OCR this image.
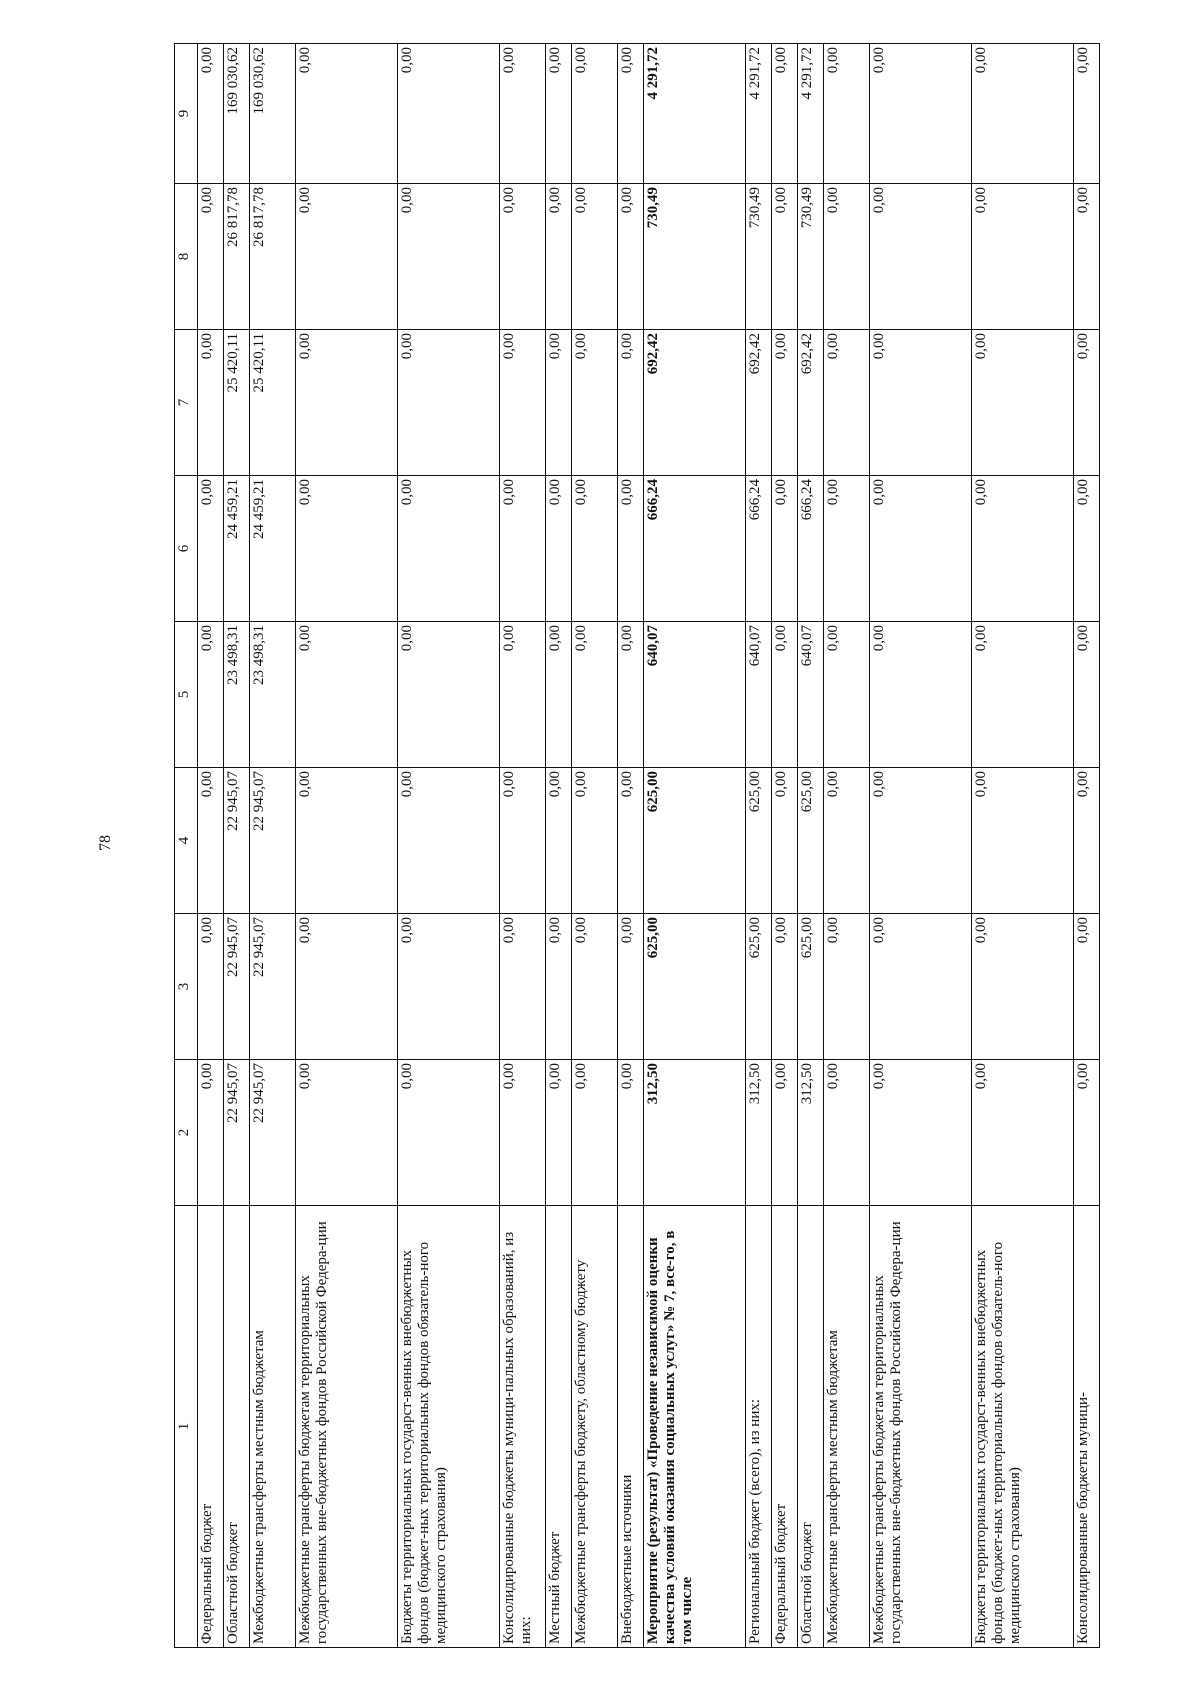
78
1	2	3	4	5	6	7	8	9
Федеральный бюджет	0,00	0,00	0,00	0,00	0,00	0,00	0,00	0,00
Областной бюджет	22 945,07	22 945,07	22 945,07	23 498,31	24 459,21	25 420,11	26 817,78	169 030,62
Межбюджетные трансферты местным бюджетам	22 945,07	22 945,07	22 945,07	23 498,31	24 459,21	25 420,11	26 817,78	169 030,62
Межбюджетные трансферты бюджетам территориальных государственных вне-бюджетных фондов Российской Федера-ции	0,00	0,00	0,00	0,00	0,00	0,00	0,00	0,00
Бюджеты территориальных государст-венных внебюджетных фондов (бюджет-ных территориальных фондов обязатель-ного медицинского страхования)	0,00	0,00	0,00	0,00	0,00	0,00	0,00	0,00
Консолидированные бюджеты муници-пальных образований, из них:	0,00	0,00	0,00	0,00	0,00	0,00	0,00	0,00
Местный бюджет	0,00	0,00	0,00	0,00	0,00	0,00	0,00	0,00
Межбюджетные трансферты бюджету, областному бюджету	0,00	0,00	0,00	0,00	0,00	0,00	0,00	0,00
Внебюджетные источники	0,00	0,00	0,00	0,00	0,00	0,00	0,00	0,00
Мероприятие (результат) «Проведение независимой оценки качества условий оказания социальных услуг» № 7, все-го, в том числе	312,50	625,00	625,00	640,07	666,24	692,42	730,49	4 291,72
Региональный бюджет (всего), из них:	312,50	625,00	625,00	640,07	666,24	692,42	730,49	4 291,72
Федеральный бюджет	0,00	0,00	0,00	0,00	0,00	0,00	0,00	0,00
Областной бюджет	312,50	625,00	625,00	640,07	666,24	692,42	730,49	4 291,72
Межбюджетные трансферты местным бюджетам	0,00	0,00	0,00	0,00	0,00	0,00	0,00	0,00
Межбюджетные трансферты бюджетам территориальных государственных вне-бюджетных фондов Российской Федера-ции	0,00	0,00	0,00	0,00	0,00	0,00	0,00	0,00
Бюджеты территориальных государст-венных внебюджетных фондов (бюджет-ных территориальных фондов обязатель-ного медицинского страхования)	0,00	0,00	0,00	0,00	0,00	0,00	0,00	0,00
Консолидированные бюджеты муници-	0,00	0,00	0,00	0,00	0,00	0,00	0,00	0,00
